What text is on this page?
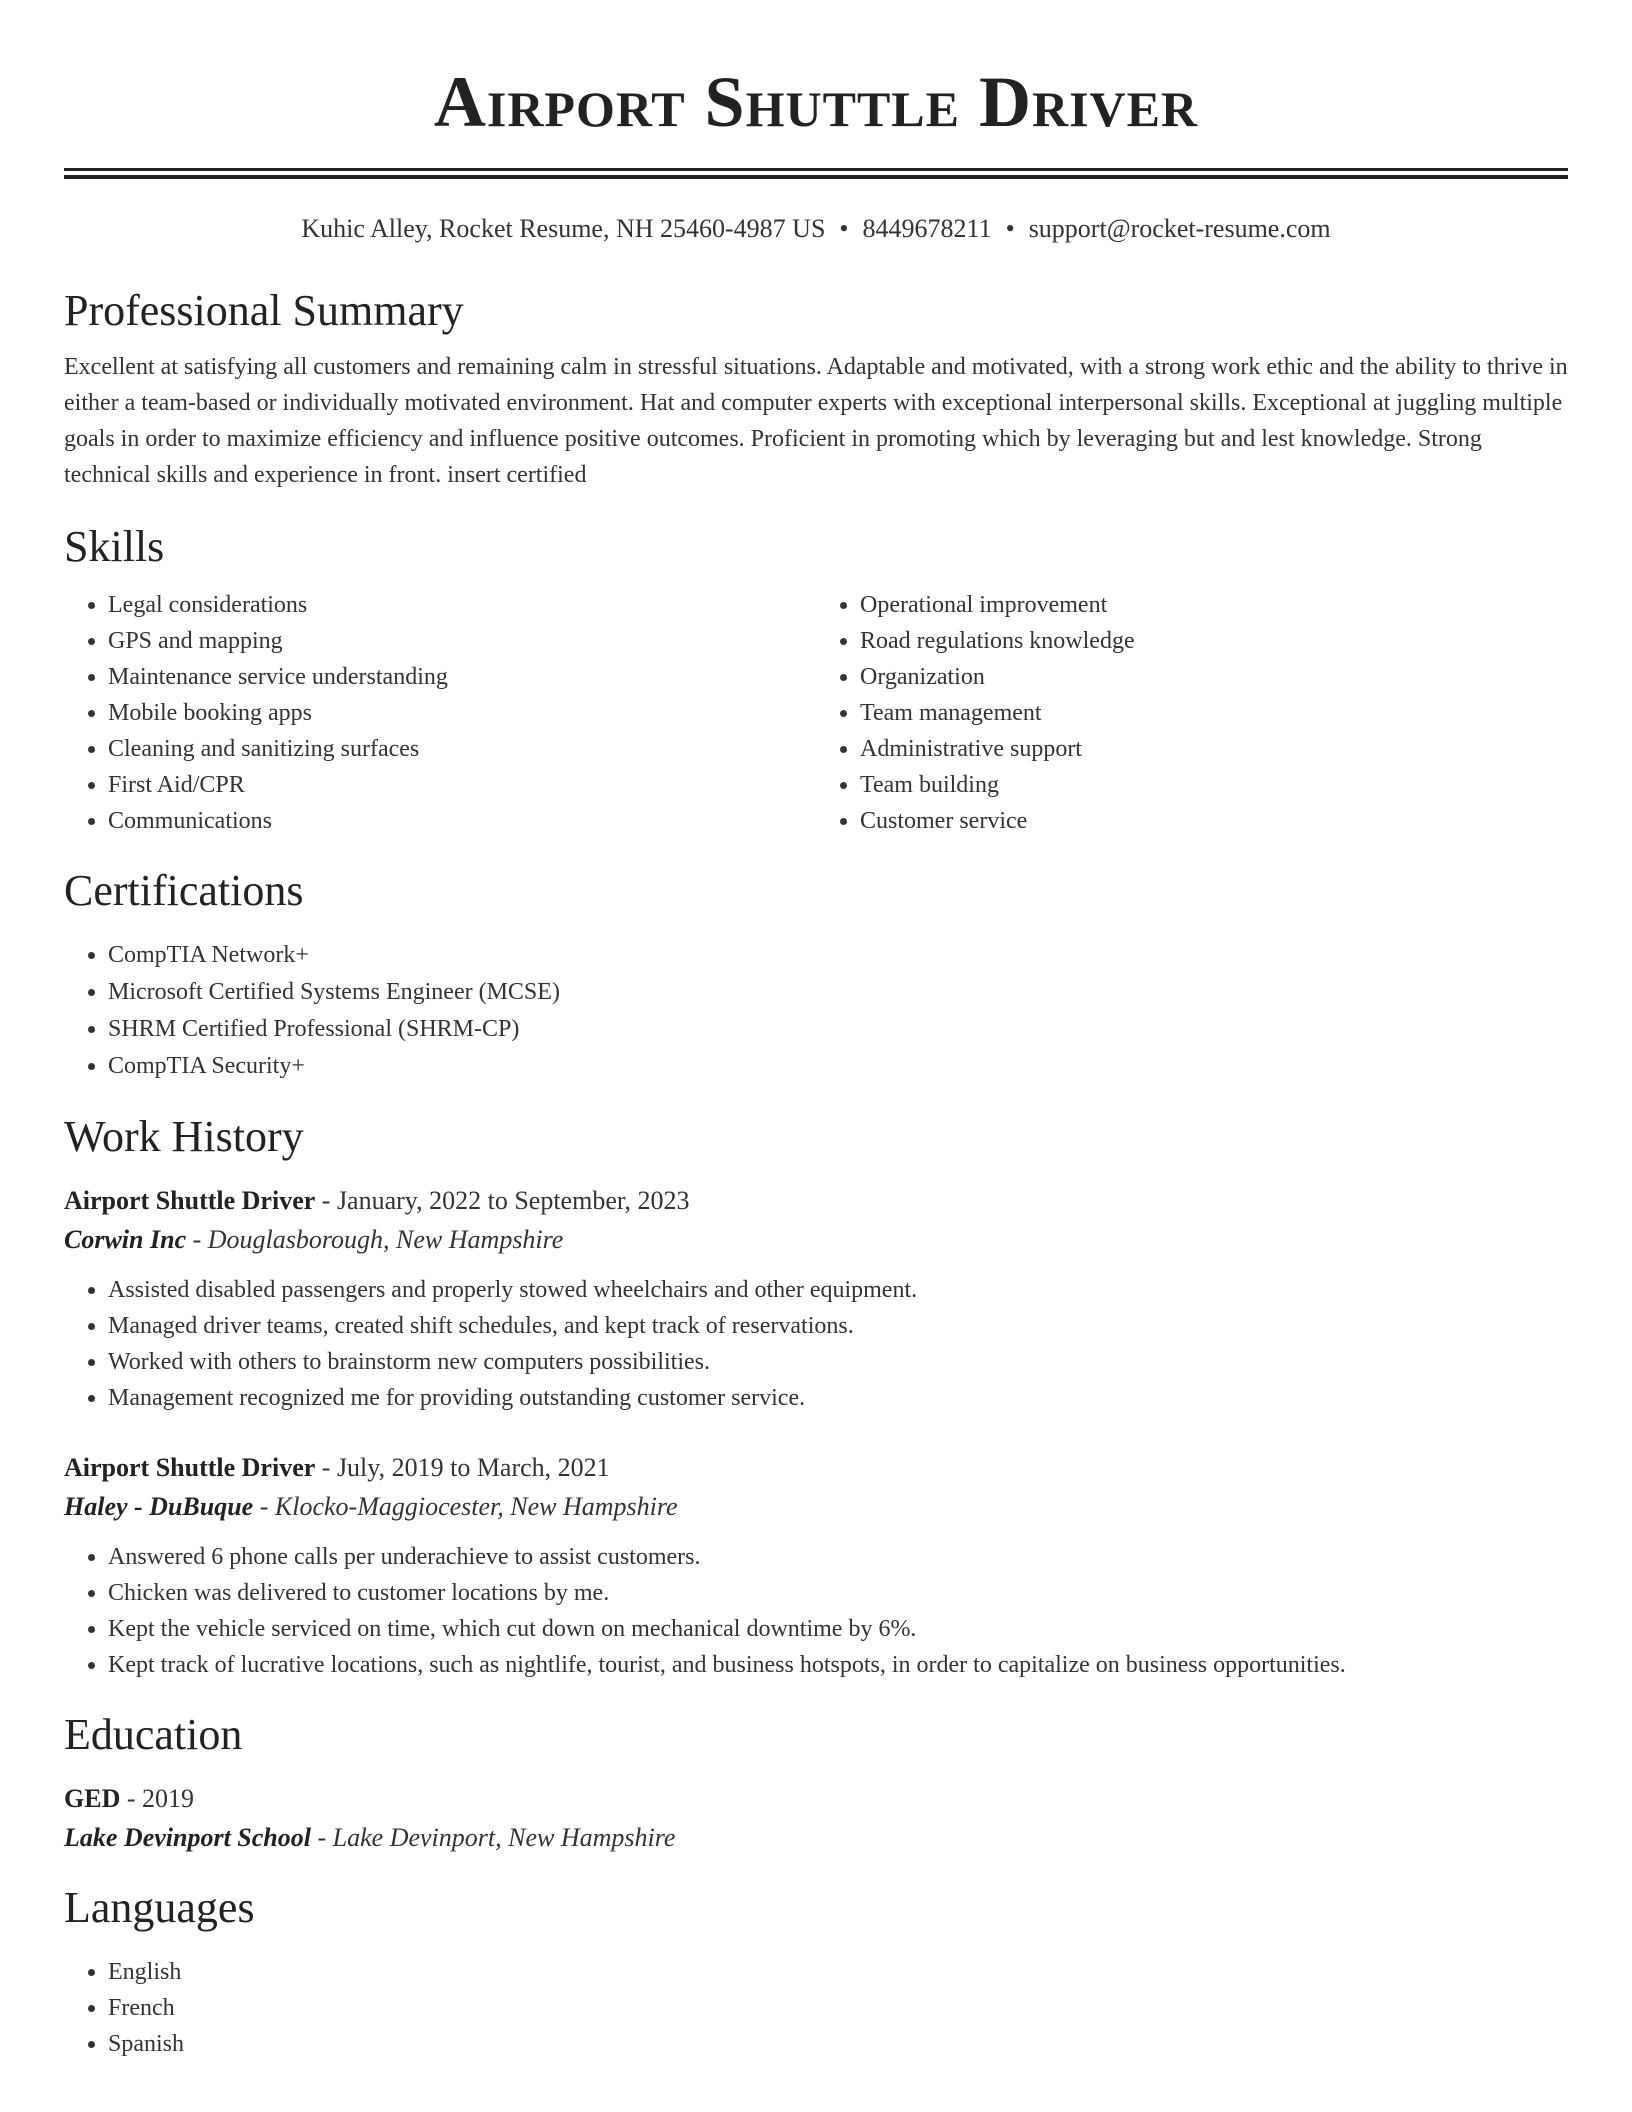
Airport Shuttle Driver
Kuhic Alley, Rocket Resume, NH 25460-4987 US • 8449678211 • support@rocket-resume.com
Professional Summary

Excellent at satisfying all customers and remaining calm in stressful situations. Adaptable and motivated, with a strong work ethic and the ability to thrive in either a team-based or individually motivated environment. Hat and computer experts with exceptional interpersonal skills. Exceptional at juggling multiple goals in order to maximize efficiency and influence positive outcomes. Proficient in promoting which by leveraging but and lest knowledge. Strong technical skills and experience in front. insert certified

Skills
• Legal considerations
• GPS and mapping
• Maintenance service understanding
• Mobile booking apps
• Cleaning and sanitizing surfaces
• First Aid/CPR
• Communications
• Operational improvement
• Road regulations knowledge
• Organization
• Team management
• Administrative support
• Team building
• Customer service
Certifications
• CompTIA Network+
• Microsoft Certified Systems Engineer (MCSE)
• SHRM Certified Professional (SHRM-CP)
• CompTIA Security+
Work History
Airport Shuttle Driver - January, 2022 to September, 2023
Corwin Inc - Douglasborough, New Hampshire
• Assisted disabled passengers and properly stowed wheelchairs and other equipment.
• Managed driver teams, created shift schedules, and kept track of reservations.
• Worked with others to brainstorm new computers possibilities.
• Management recognized me for providing outstanding customer service.
Airport Shuttle Driver - July, 2019 to March, 2021
Haley - DuBuque - Klocko-Maggiocester, New Hampshire
• Answered 6 phone calls per underachieve to assist customers.
• Chicken was delivered to customer locations by me.
• Kept the vehicle serviced on time, which cut down on mechanical downtime by 6%.
• Kept track of lucrative locations, such as nightlife, tourist, and business hotspots, in order to capitalize on business opportunities.
Education
GED - 2019
Lake Devinport School - Lake Devinport, New Hampshire
Languages
• English
• French
• Spanish
